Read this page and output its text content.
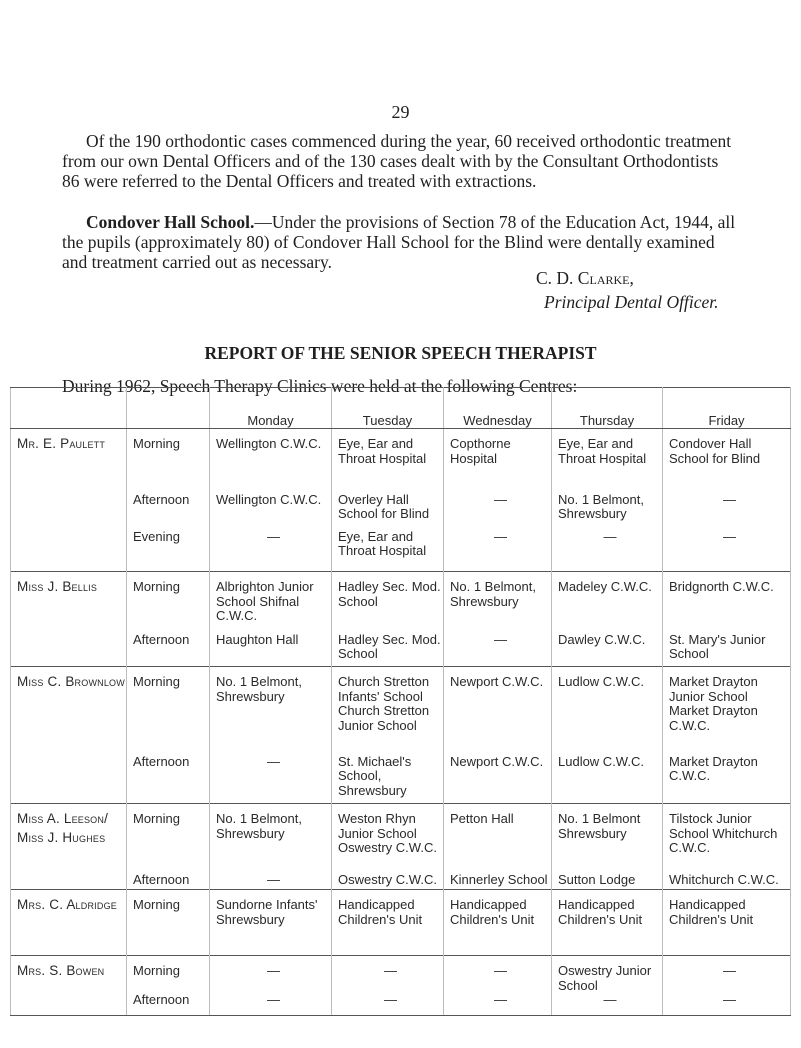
29

Of the 190 orthodontic cases commenced during the year, 60 received orthodontic treatment from our own Dental Officers and of the 130 cases dealt with by the Consultant Orthodontists 86 were referred to the Dental Officers and treated with extractions.

Condover Hall School.—Under the provisions of Section 78 of the Education Act, 1944, all the pupils (approximately 80) of Condover Hall School for the Blind were dentally examined and treatment carried out as necessary.

C. D. Clarke,
Principal Dental Officer.
REPORT OF THE SENIOR SPEECH THERAPIST
During 1962, Speech Therapy Clinics were held at the following Centres:
		Monday	Tuesday	Wednesday	Thursday	Friday
Mr. E. Paulett	Morning	Wellington C.W.C.	Eye, Ear and Throat Hospital	Copthorne Hospital	Eye, Ear and Throat Hospital	Condover Hall School for Blind
	Afternoon	Wellington C.W.C.	Overley Hall School for Blind	—	No. 1 Belmont, Shrewsbury	—
	Evening	—	Eye, Ear and Throat Hospital	—	—	—
Miss J. Bellis	Morning	Albrighton Junior School Shifnal C.W.C.	Hadley Sec. Mod. School	No. 1 Belmont, Shrewsbury	Madeley C.W.C.	Bridgnorth C.W.C.
	Afternoon	Haughton Hall	Hadley Sec. Mod. School	—	Dawley C.W.C.	St. Mary's Junior School
Miss C. Brownlow	Morning	No. 1 Belmont, Shrewsbury	Church Stretton Infants' School Church Stretton Junior School	Newport C.W.C.	Ludlow C.W.C.	Market Drayton Junior School Market Drayton C.W.C.
	Afternoon	—	St. Michael's School, Shrewsbury	Newport C.W.C.	Ludlow C.W.C.	Market Drayton C.W.C.

Miss A. Leeson/
Miss J. Hughes	Morning	No. 1 Belmont, Shrewsbury	Weston Rhyn Junior School Oswestry C.W.C.	Petton Hall	No. 1 Belmont Shrewsbury	Tilstock Junior School Whitchurch C.W.C.
	Afternoon	—	Oswestry C.W.C.	Kinnerley School	Sutton Lodge	Whitchurch C.W.C.
Mrs. C. Aldridge	Morning	Sundorne Infants' Shrewsbury	Handicapped Children's Unit	Handicapped Children's Unit	Handicapped Children's Unit	Handicapped Children's Unit
Mrs. S. Bowen	Morning	—	—	—	Oswestry Junior School	—
	Afternoon	—	—	—	—	—
